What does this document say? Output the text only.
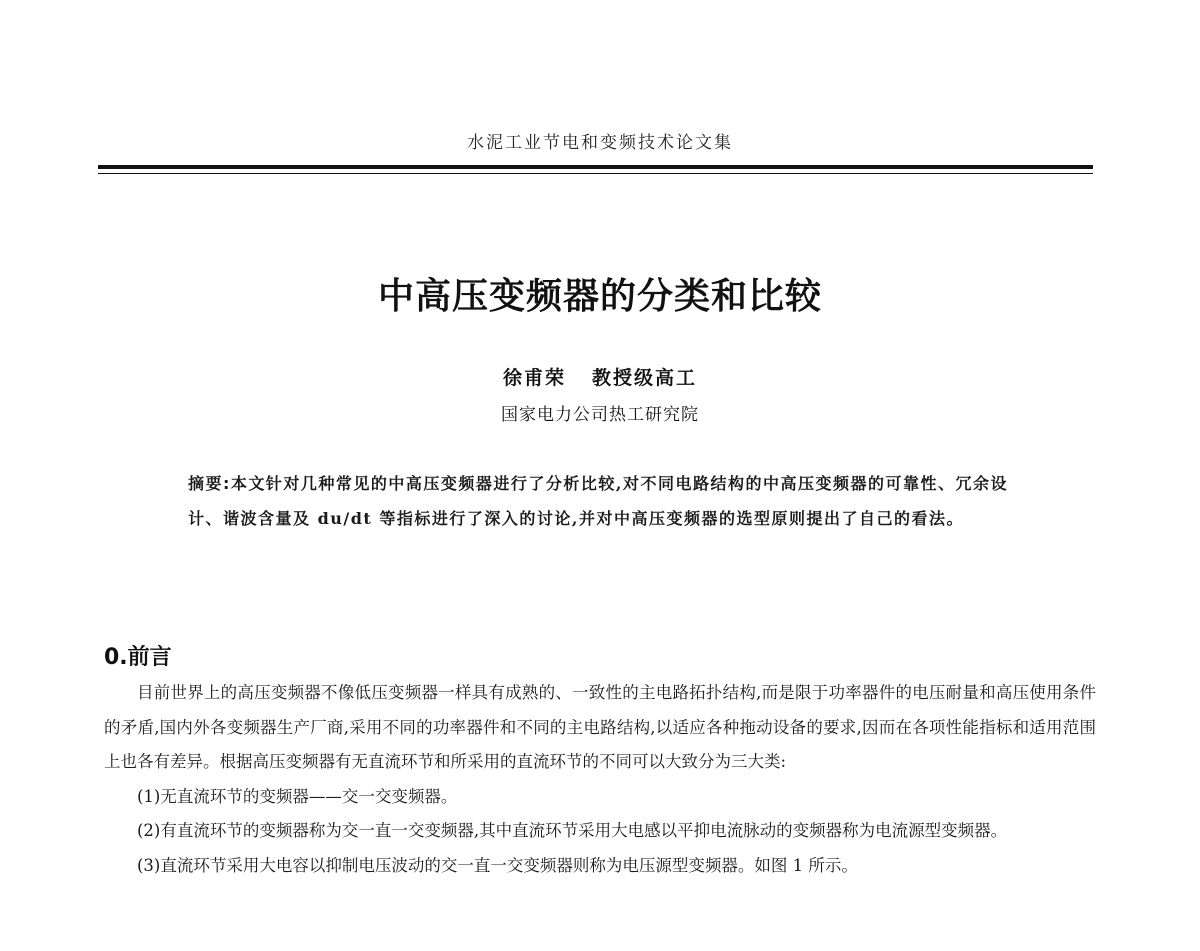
水泥工业节电和变频技术论文集
中高压变频器的分类和比较
徐甫荣 教授级高工
国家电力公司热工研究院
摘要:本文针对几种常见的中高压变频器进行了分析比较,对不同电路结构的中高压变频器的可靠性、冗余设计、谐波含量及 du/dt 等指标进行了深入的讨论,并对中高压变频器的选型原则提出了自己的看法。
0.前言

目前世界上的高压变频器不像低压变频器一样具有成熟的、一致性的主电路拓扑结构,而是限于功率器件的电压耐量和高压使用条件的矛盾,国内外各变频器生产厂商,采用不同的功率器件和不同的主电路结构,以适应各种拖动设备的要求,因而在各项性能指标和适用范围上也各有差异。根据高压变频器有无直流环节和所采用的直流环节的不同可以大致分为三大类:

(1)无直流环节的变频器——交一交变频器。

(2)有直流环节的变频器称为交一直一交变频器,其中直流环节采用大电感以平抑电流脉动的变频器称为电流源型变频器。

(3)直流环节采用大电容以抑制电压波动的交一直一交变频器则称为电压源型变频器。如图 1 所示。
